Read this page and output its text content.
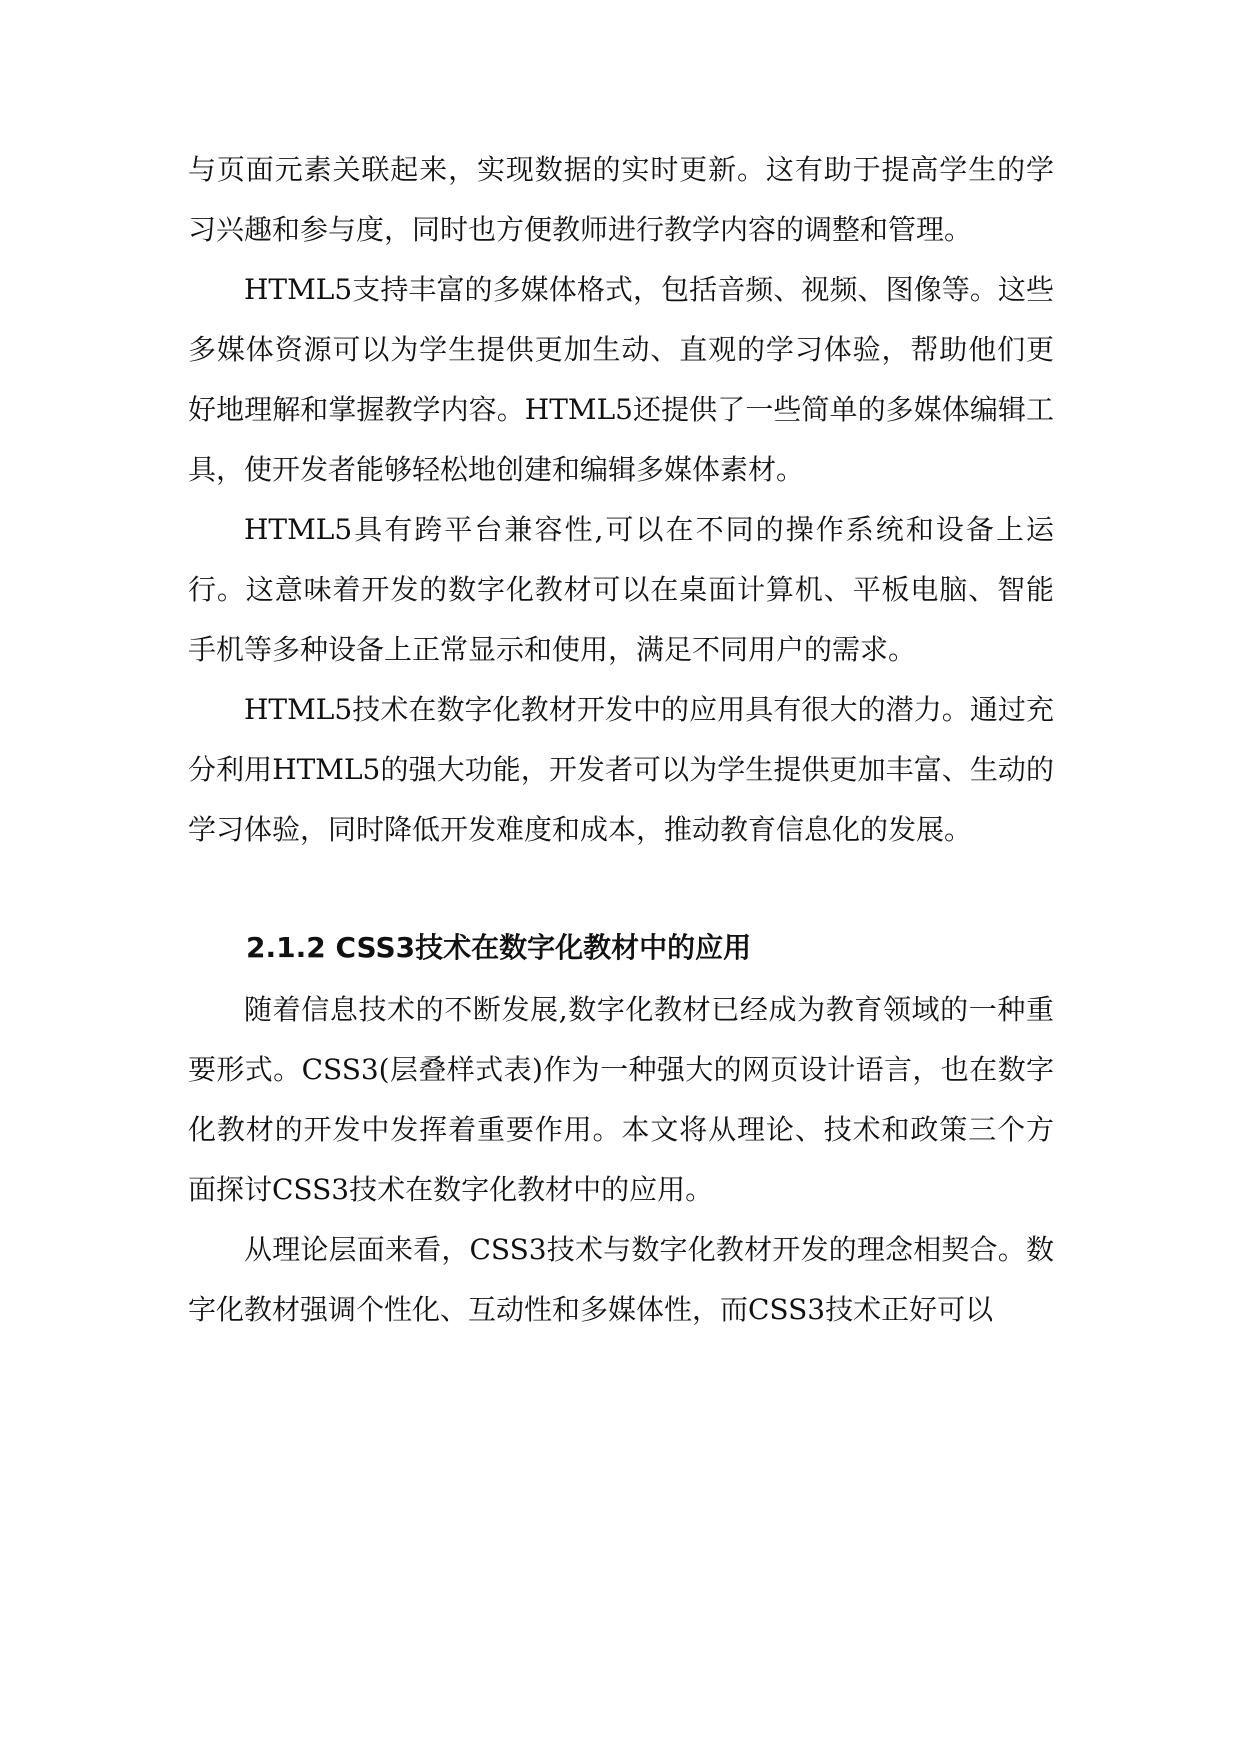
与页面元素关联起来，实现数据的实时更新。这有助于提高学生的学习兴趣和参与度，同时也方便教师进行教学内容的调整和管理。

HTML5支持丰富的多媒体格式，包括音频、视频、图像等。这些多媒体资源可以为学生提供更加生动、直观的学习体验，帮助他们更好地理解和掌握教学内容。HTML5还提供了一些简单的多媒体编辑工具，使开发者能够轻松地创建和编辑多媒体素材。

HTML5具有跨平台兼容性,可以在不同的操作系统和设备上运行。这意味着开发的数字化教材可以在桌面计算机、平板电脑、智能手机等多种设备上正常显示和使用，满足不同用户的需求。

HTML5技术在数字化教材开发中的应用具有很大的潜力。通过充分利用HTML5的强大功能，开发者可以为学生提供更加丰富、生动的学习体验，同时降低开发难度和成本，推动教育信息化的发展。

2.1.2 CSS3技术在数字化教材中的应用

随着信息技术的不断发展,数字化教材已经成为教育领域的一种重要形式。CSS3(层叠样式表)作为一种强大的网页设计语言，也在数字化教材的开发中发挥着重要作用。本文将从理论、技术和政策三个方面探讨CSS3技术在数字化教材中的应用。

从理论层面来看，CSS3技术与数字化教材开发的理念相契合。数字化教材强调个性化、互动性和多媒体性，而CSS3技术正好可以
